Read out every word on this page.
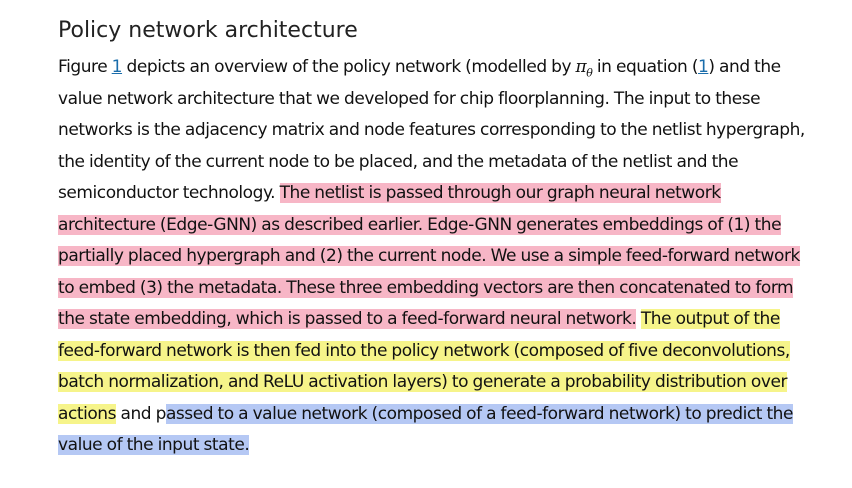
Policy network architecture

Figure 1 depicts an overview of the policy network (modelled by $\pi_\theta$ in equation (1) and the
value network architecture that we developed for chip floorplanning. The input to these
networks is the adjacency matrix and node features corresponding to the netlist hypergraph,
the identity of the current node to be placed, and the metadata of the netlist and the
semiconductor technology. The netlist is passed through our graph neural network
architecture (Edge-GNN) as described earlier. Edge-GNN generates embeddings of (1) the
partially placed hypergraph and (2) the current node. We use a simple feed-forward network
to embed (3) the metadata. These three embedding vectors are then concatenated to form
the state embedding, which is passed to a feed-forward neural network. The output of the
feed-forward network is then fed into the policy network (composed of five deconvolutions,
batch normalization, and ReLU activation layers) to generate a probability distribution over
actions and passed to a value network (composed of a feed-forward network) to predict the
value of the input state.
